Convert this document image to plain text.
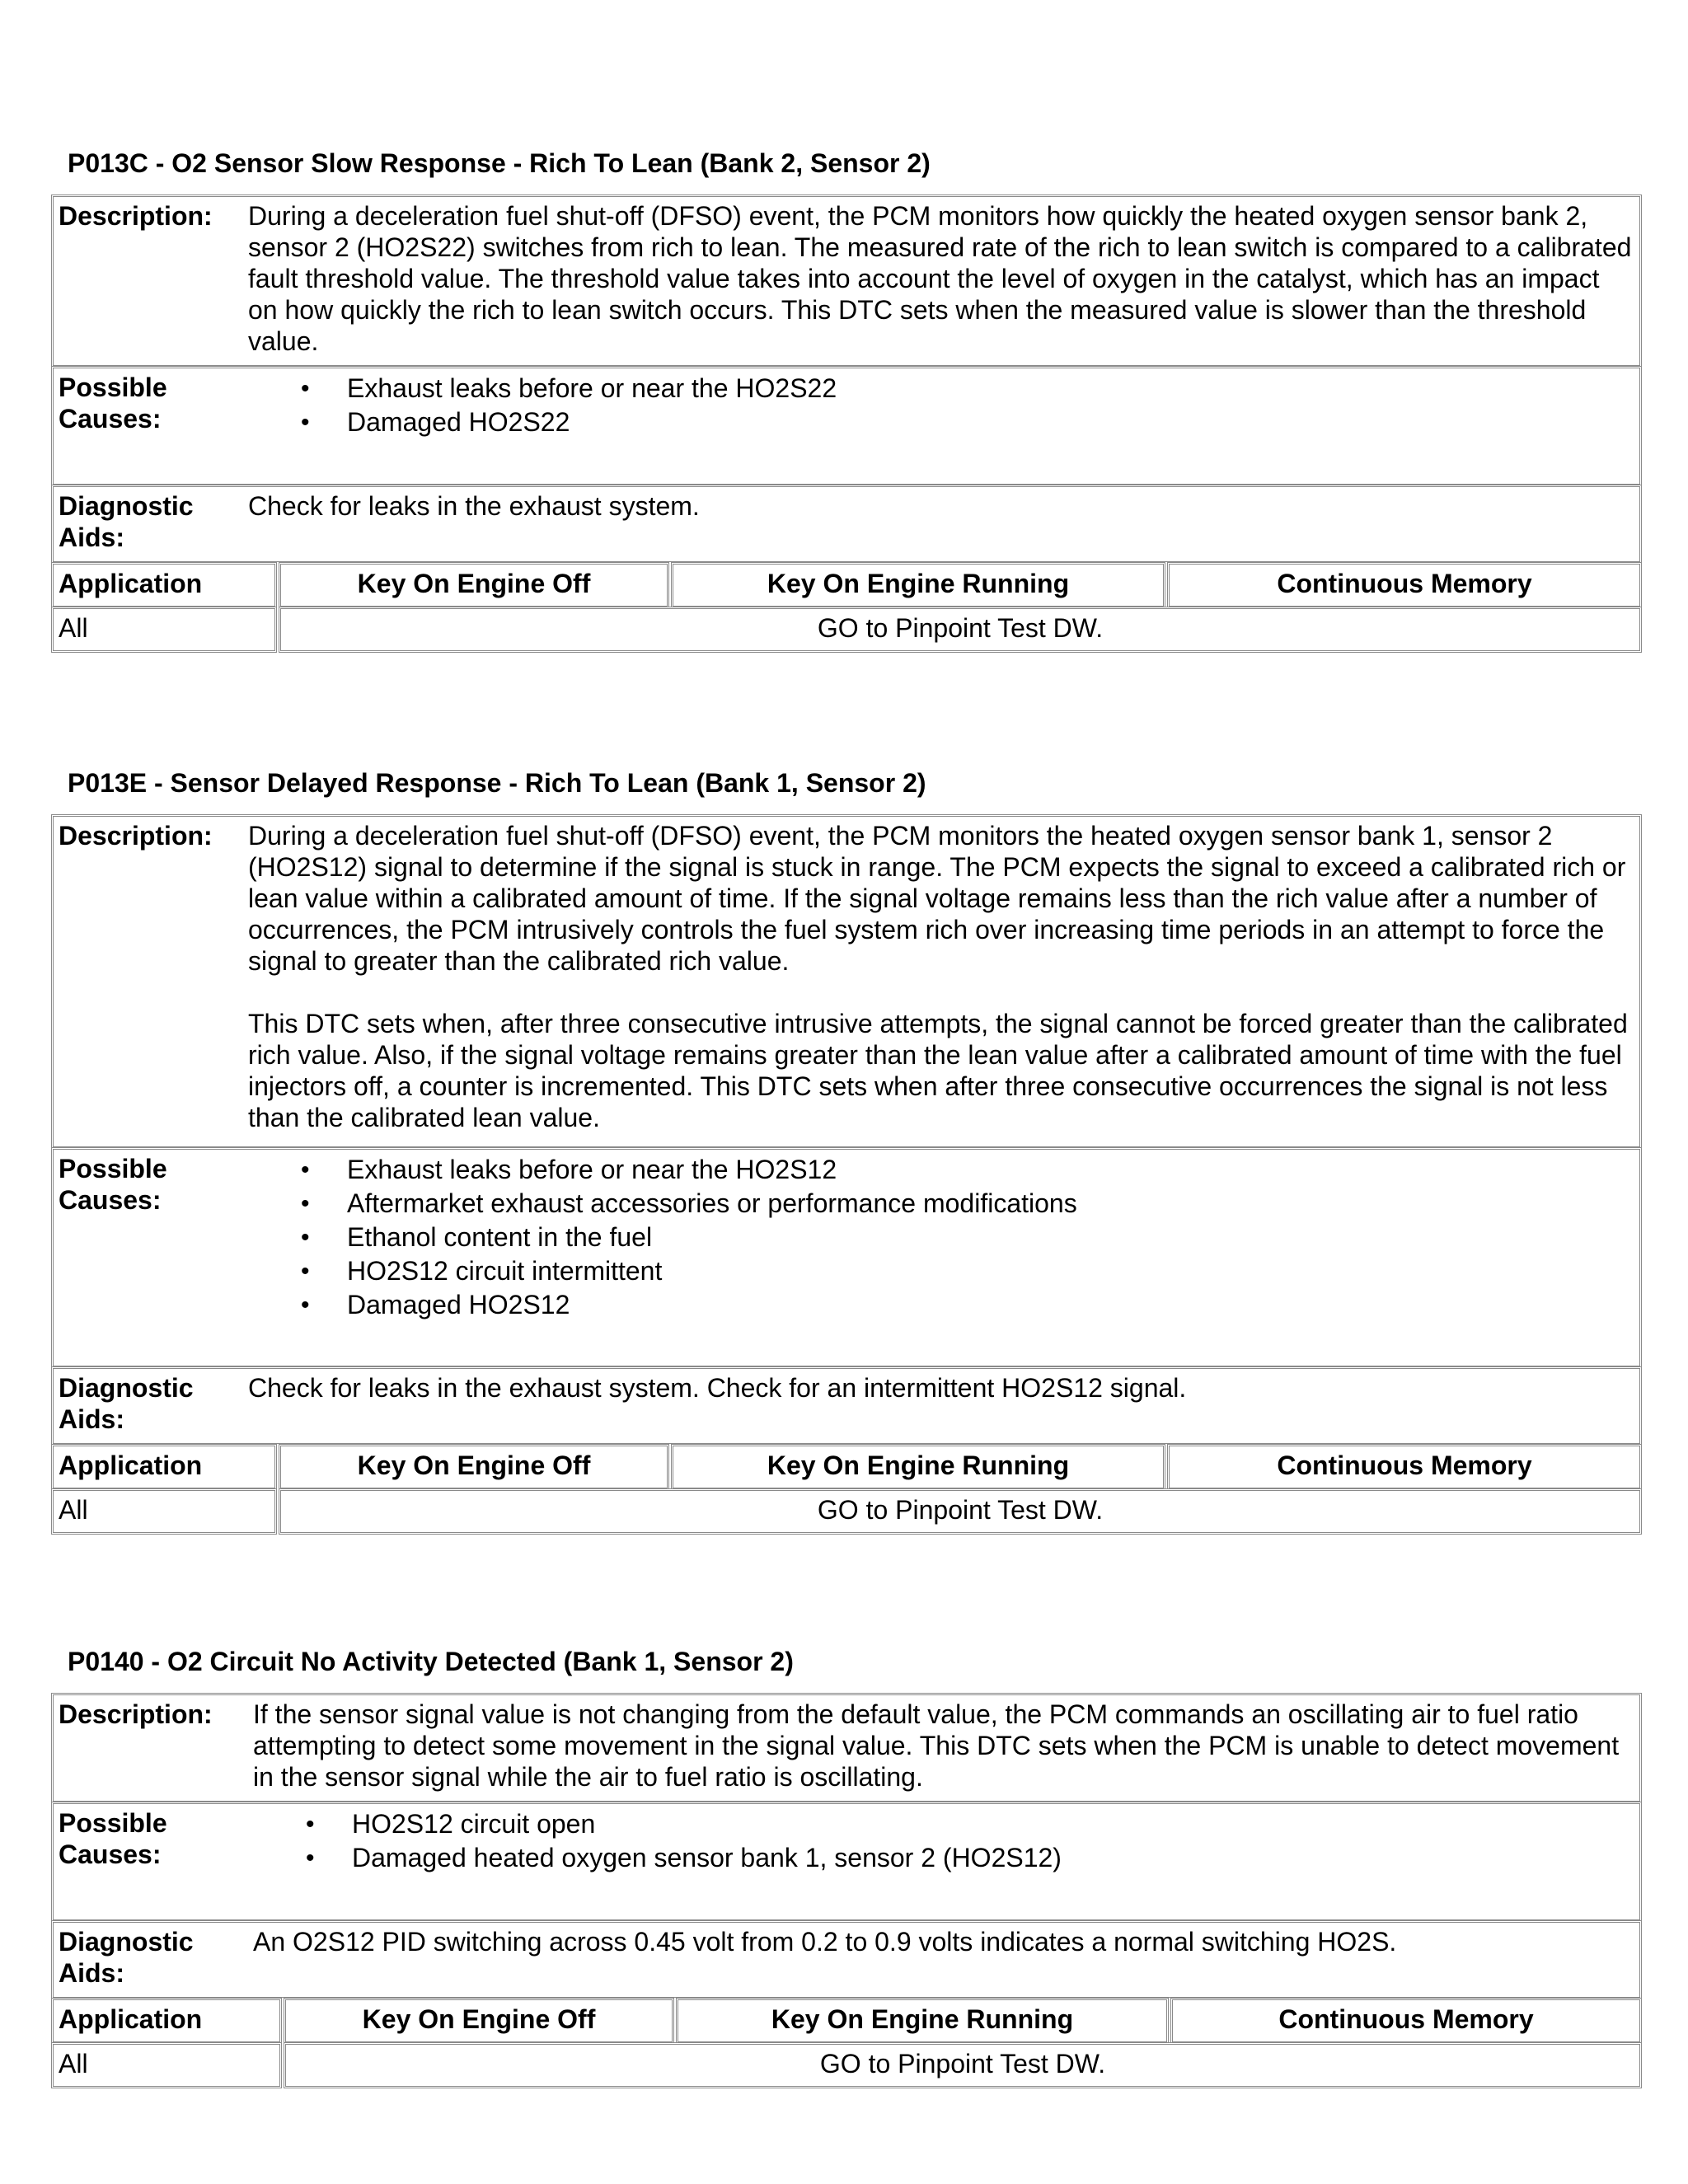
P013C - O2 Sensor Slow Response - Rich To Lean (Bank 2, Sensor 2)
Description: During a deceleration fuel shut-off (DFSO) event, the PCM monitors how quickly the heated oxygen sensor bank 2, sensor 2 (HO2S22) switches from rich to lean. The measured rate of the rich to lean switch is compared to a calibrated fault threshold value. The threshold value takes into account the level of oxygen in the catalyst, which has an impact on how quickly the rich to lean switch occurs. This DTC sets when the measured value is slower than the threshold value.
Possible
Causes:
• Exhaust leaks before or near the HO2S22
• Damaged HO2S22
Diagnostic
Aids:
Check for leaks in the exhaust system.
Application	Key On Engine Off	Key On Engine Running	Continuous Memory
All	GO to Pinpoint Test DW.
P013E - Sensor Delayed Response - Rich To Lean (Bank 1, Sensor 2)
Description: During a deceleration fuel shut-off (DFSO) event, the PCM monitors the heated oxygen sensor bank 1, sensor 2 (HO2S12) signal to determine if the signal is stuck in range. The PCM expects the signal to exceed a calibrated rich or lean value within a calibrated amount of time. If the signal voltage remains less than the rich value after a number of occurrences, the PCM intrusively controls the fuel system rich over increasing time periods in an attempt to force the signal to greater than the calibrated rich value.
This DTC sets when, after three consecutive intrusive attempts, the signal cannot be forced greater than the calibrated rich value. Also, if the signal voltage remains greater than the lean value after a calibrated amount of time with the fuel injectors off, a counter is incremented. This DTC sets when after three consecutive occurrences the signal is not less than the calibrated lean value.
Possible
Causes:
• Exhaust leaks before or near the HO2S12
• Aftermarket exhaust accessories or performance modifications
• Ethanol content in the fuel
• HO2S12 circuit intermittent
• Damaged HO2S12
Diagnostic
Aids:
Check for leaks in the exhaust system. Check for an intermittent HO2S12 signal.
Application	Key On Engine Off	Key On Engine Running	Continuous Memory
All	GO to Pinpoint Test DW.
P0140 - O2 Circuit No Activity Detected (Bank 1, Sensor 2)
Description: If the sensor signal value is not changing from the default value, the PCM commands an oscillating air to fuel ratio attempting to detect some movement in the signal value. This DTC sets when the PCM is unable to detect movement in the sensor signal while the air to fuel ratio is oscillating.
Possible
Causes:
• HO2S12 circuit open
• Damaged heated oxygen sensor bank 1, sensor 2 (HO2S12)
Diagnostic
Aids:
An O2S12 PID switching across 0.45 volt from 0.2 to 0.9 volts indicates a normal switching HO2S.
Application	Key On Engine Off	Key On Engine Running	Continuous Memory
All	GO to Pinpoint Test DW.
